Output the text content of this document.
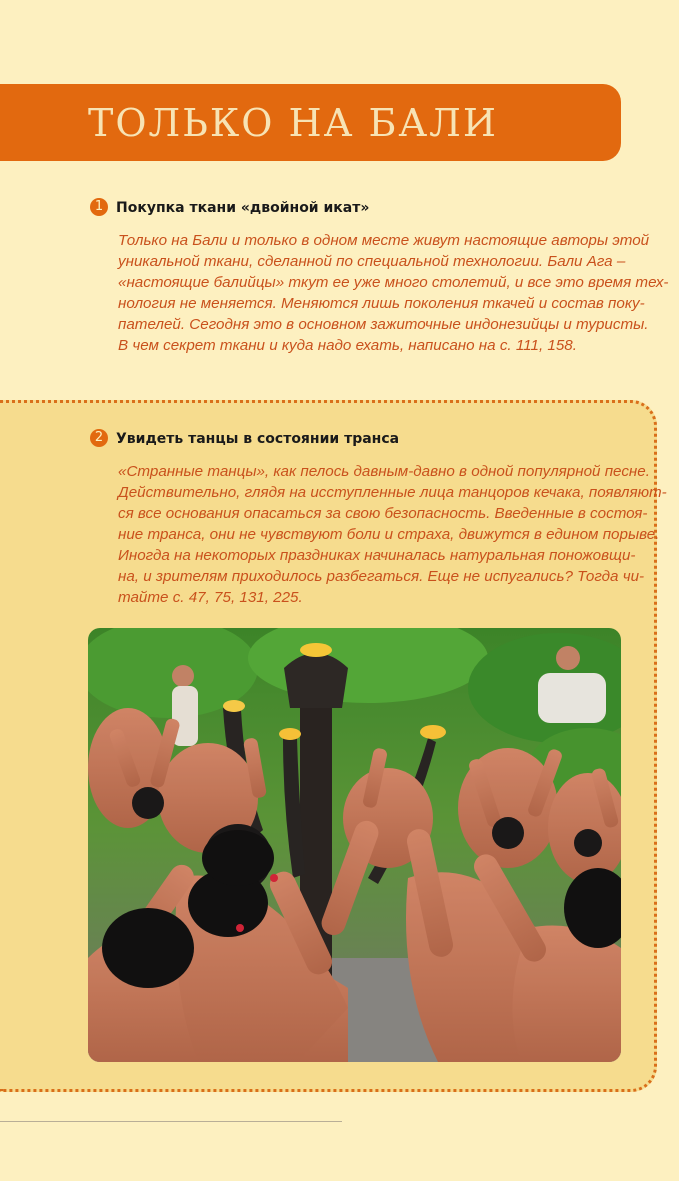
ТОЛЬКО НА БАЛИ
1 Покупка ткани «двойной икат»

Только на Бали и только в одном месте живут настоящие авторы этой
уникальной ткани, сделанной по специальной технологии. Бали Ага –
«настоящие балийцы» ткут ее уже много столетий, и все это время тех-
нология не меняется. Меняются лишь поколения ткачей и состав поку-
пателей. Сегодня это в основном зажиточные индонезийцы и туристы.
В чем секрет ткани и куда надо ехать, написано на с. 111, 158.

2 Увидеть танцы в состоянии транса

«Странные танцы», как пелось давным-давно в одной популярной песне.
Действительно, глядя на исступленные лица танцоров кечака, появляют-
ся все основания опасаться за свою безопасность. Введенные в состоя-
ние транса, они не чувствуют боли и страха, движутся в едином порыве.
Иногда на некоторых праздниках начиналась натуральная поножовщи-
на, и зрителям приходилось разбегаться. Еще не испугались? Тогда чи-
тайте с. 47, 75, 131, 225.
